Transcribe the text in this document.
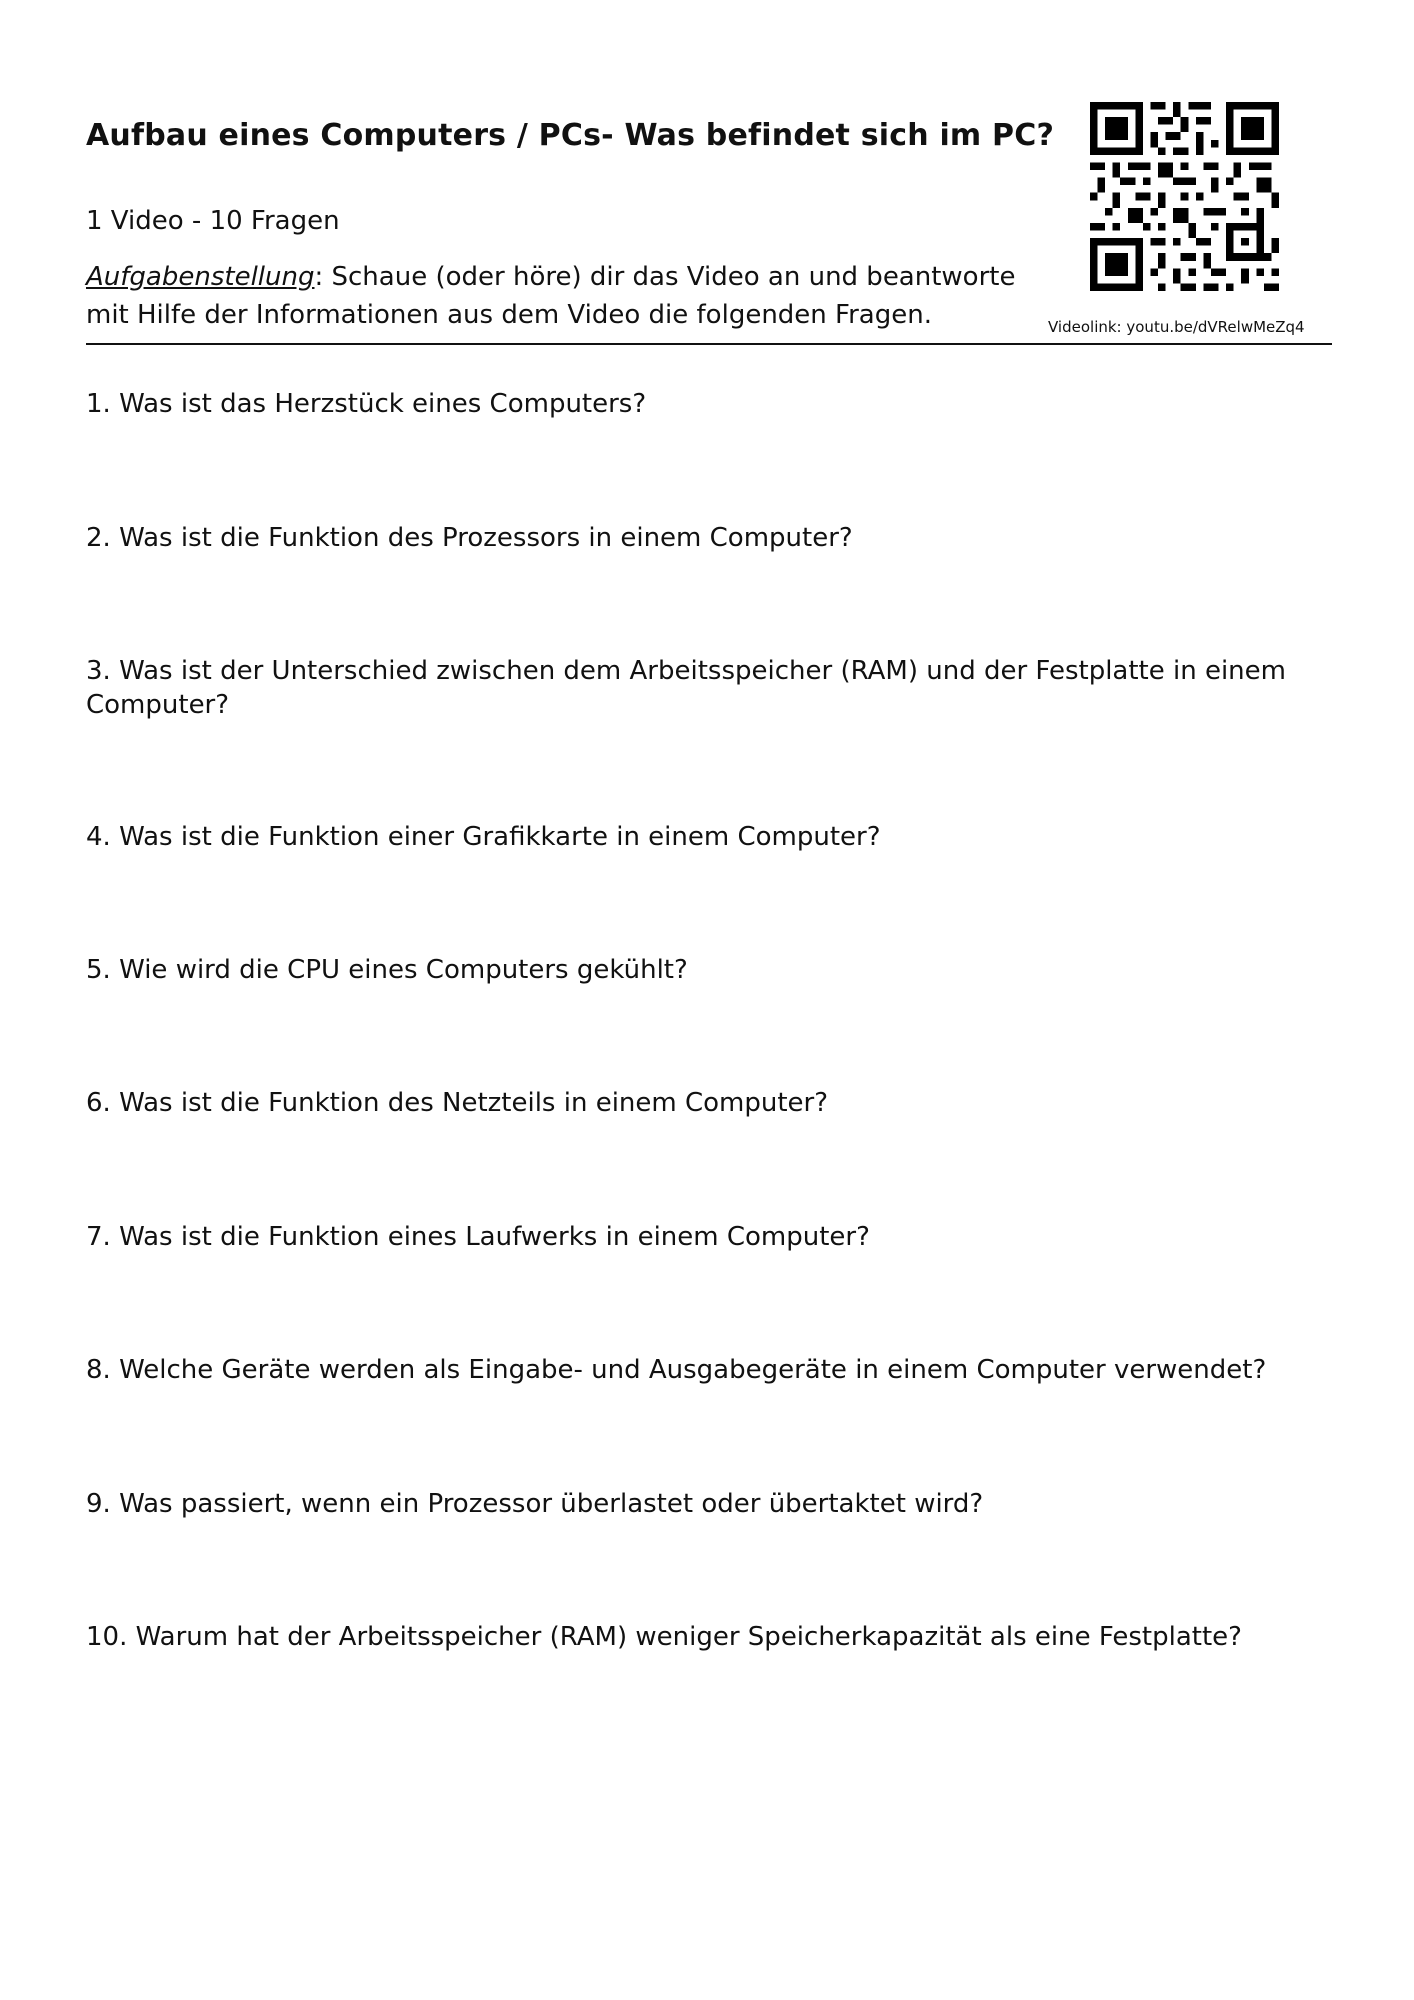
Aufbau eines Computers / PCs- Was befindet sich im PC?
1 Video - 10 Fragen
Aufgabenstellung: Schaue (oder höre) dir das Video an und beantworte mit Hilfe der Informationen aus dem Video die folgenden Fragen.	Videolink: youtu.be/dVRelwMeZq4
1. Was ist das Herzstück eines Computers?
2. Was ist die Funktion des Prozessors in einem Computer?
3. Was ist der Unterschied zwischen dem Arbeitsspeicher (RAM) und der Festplatte in einem Computer?
4. Was ist die Funktion einer Grafikkarte in einem Computer?
5. Wie wird die CPU eines Computers gekühlt?
6. Was ist die Funktion des Netzteils in einem Computer?
7. Was ist die Funktion eines Laufwerks in einem Computer?
8. Welche Geräte werden als Eingabe- und Ausgabegeräte in einem Computer verwendet?
9. Was passiert, wenn ein Prozessor überlastet oder übertaktet wird?
10. Warum hat der Arbeitsspeicher (RAM) weniger Speicherkapazität als eine Festplatte?
